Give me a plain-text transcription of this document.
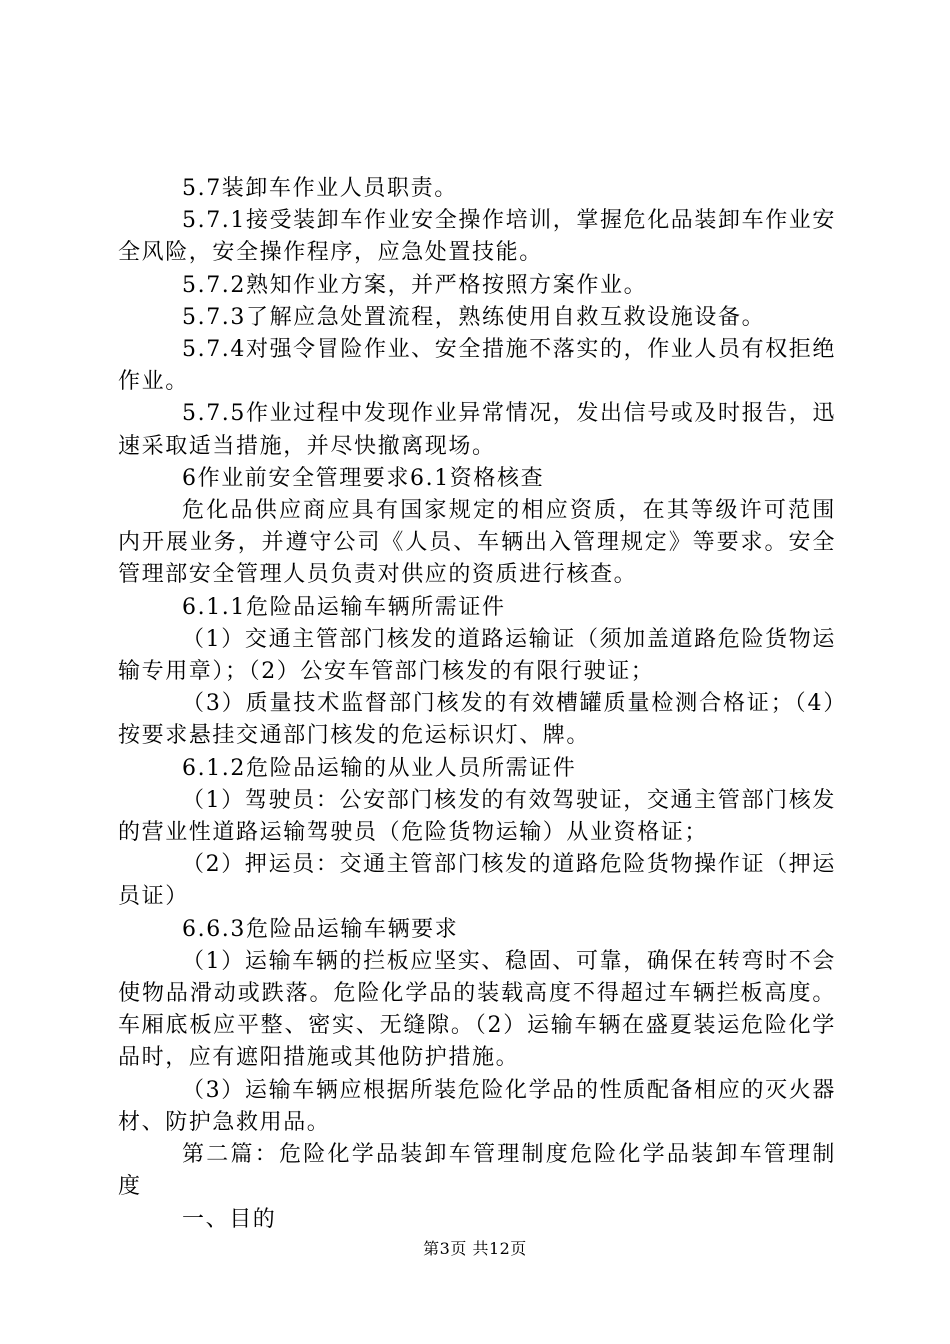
5.7装卸车作业人员职责。

5.7.1接受装卸车作业安全操作培训，掌握危化品装卸车作业安全风险，安全操作程序，应急处置技能。

5.7.2熟知作业方案，并严格按照方案作业。

5.7.3了解应急处置流程，熟练使用自救互救设施设备。

5.7.4对强令冒险作业、安全措施不落实的，作业人员有权拒绝作业。

5.7.5作业过程中发现作业异常情况，发出信号或及时报告，迅速采取适当措施，并尽快撤离现场。

6作业前安全管理要求6.1资格核查

危化品供应商应具有国家规定的相应资质，在其等级许可范围内开展业务，并遵守公司《人员、车辆出入管理规定》等要求。安全管理部安全管理人员负责对供应的资质进行核查。

6.1.1危险品运输车辆所需证件

（1）交通主管部门核发的道路运输证（须加盖道路危险货物运输专用章）；（2）公安车管部门核发的有限行驶证；

（3）质量技术监督部门核发的有效槽罐质量检测合格证；（4）按要求悬挂交通部门核发的危运标识灯、牌。

6.1.2危险品运输的从业人员所需证件

（1）驾驶员：公安部门核发的有效驾驶证，交通主管部门核发的营业性道路运输驾驶员（危险货物运输）从业资格证；

（2）押运员：交通主管部门核发的道路危险货物操作证（押运员证）

6.6.3危险品运输车辆要求

（1）运输车辆的拦板应坚实、稳固、可靠，确保在转弯时不会使物品滑动或跌落。危险化学品的装载高度不得超过车辆拦板高度。车厢底板应平整、密实、无缝隙。（2）运输车辆在盛夏装运危险化学品时，应有遮阳措施或其他防护措施。

（3）运输车辆应根据所装危险化学品的性质配备相应的灭火器材、防护急救用品。

第二篇：危险化学品装卸车管理制度危险化学品装卸车管理制度

一、目的

第3页 共12页
